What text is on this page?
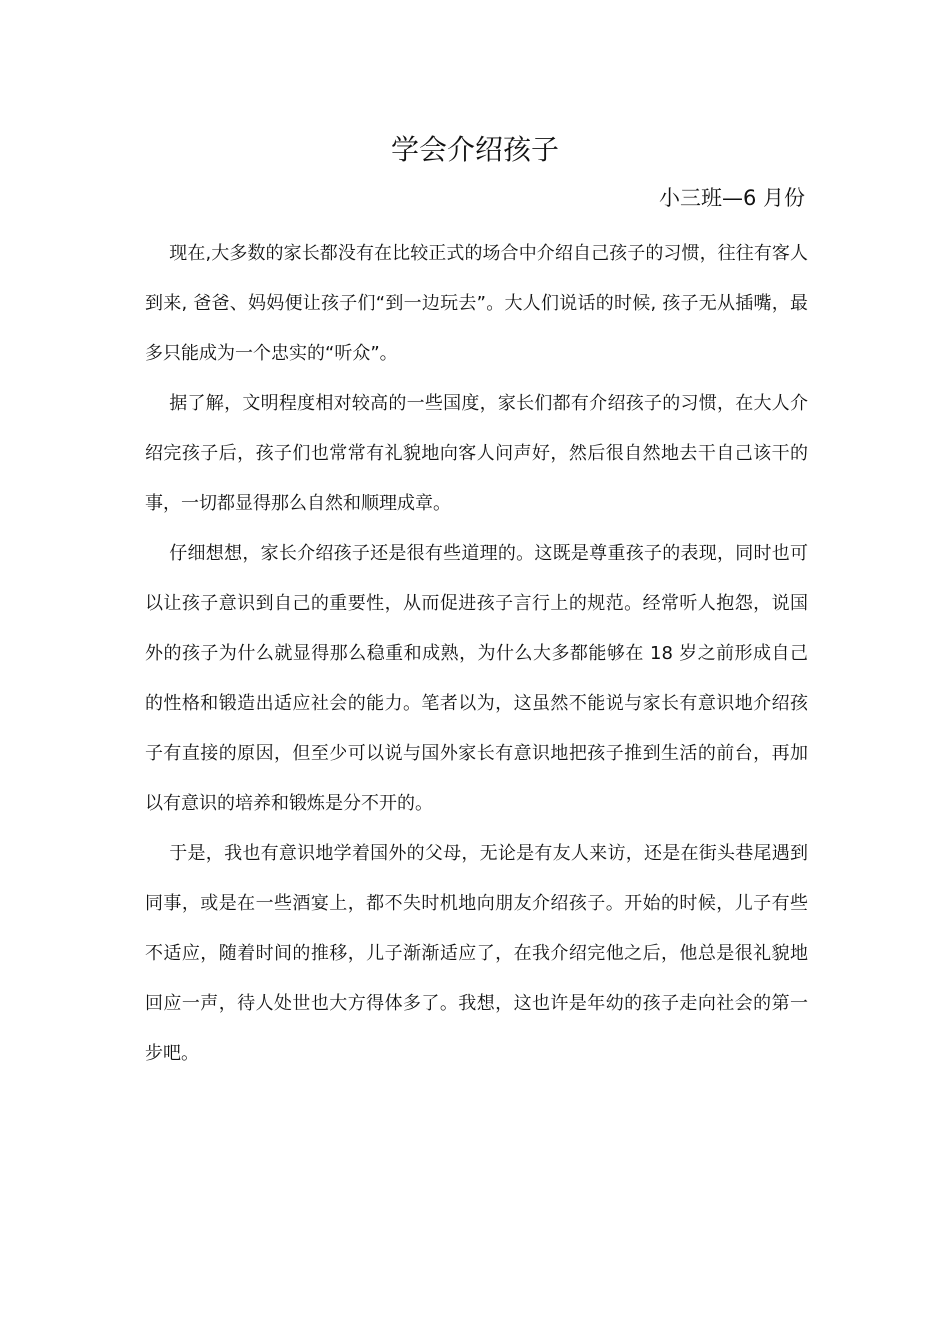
学会介绍孩子
小三班—6 月份

现在,大多数的家长都没有在比较正式的场合中介绍自己孩子的习惯，往往有客人到来, 爸爸、妈妈便让孩子们“到一边玩去”。大人们说话的时候, 孩子无从插嘴，最多只能成为一个忠实的“听众”。

据了解，文明程度相对较高的一些国度，家长们都有介绍孩子的习惯，在大人介绍完孩子后，孩子们也常常有礼貌地向客人问声好，然后很自然地去干自己该干的事，一切都显得那么自然和顺理成章。

仔细想想，家长介绍孩子还是很有些道理的。这既是尊重孩子的表现，同时也可以让孩子意识到自己的重要性，从而促进孩子言行上的规范。经常听人抱怨，说国外的孩子为什么就显得那么稳重和成熟，为什么大多都能够在 18 岁之前形成自己的性格和锻造出适应社会的能力。笔者以为，这虽然不能说与家长有意识地介绍孩子有直接的原因，但至少可以说与国外家长有意识地把孩子推到生活的前台，再加以有意识的培养和锻炼是分不开的。

于是，我也有意识地学着国外的父母，无论是有友人来访，还是在街头巷尾遇到同事，或是在一些酒宴上，都不失时机地向朋友介绍孩子。开始的时候，儿子有些不适应，随着时间的推移，儿子渐渐适应了，在我介绍完他之后，他总是很礼貌地回应一声，待人处世也大方得体多了。我想，这也许是年幼的孩子走向社会的第一步吧。
